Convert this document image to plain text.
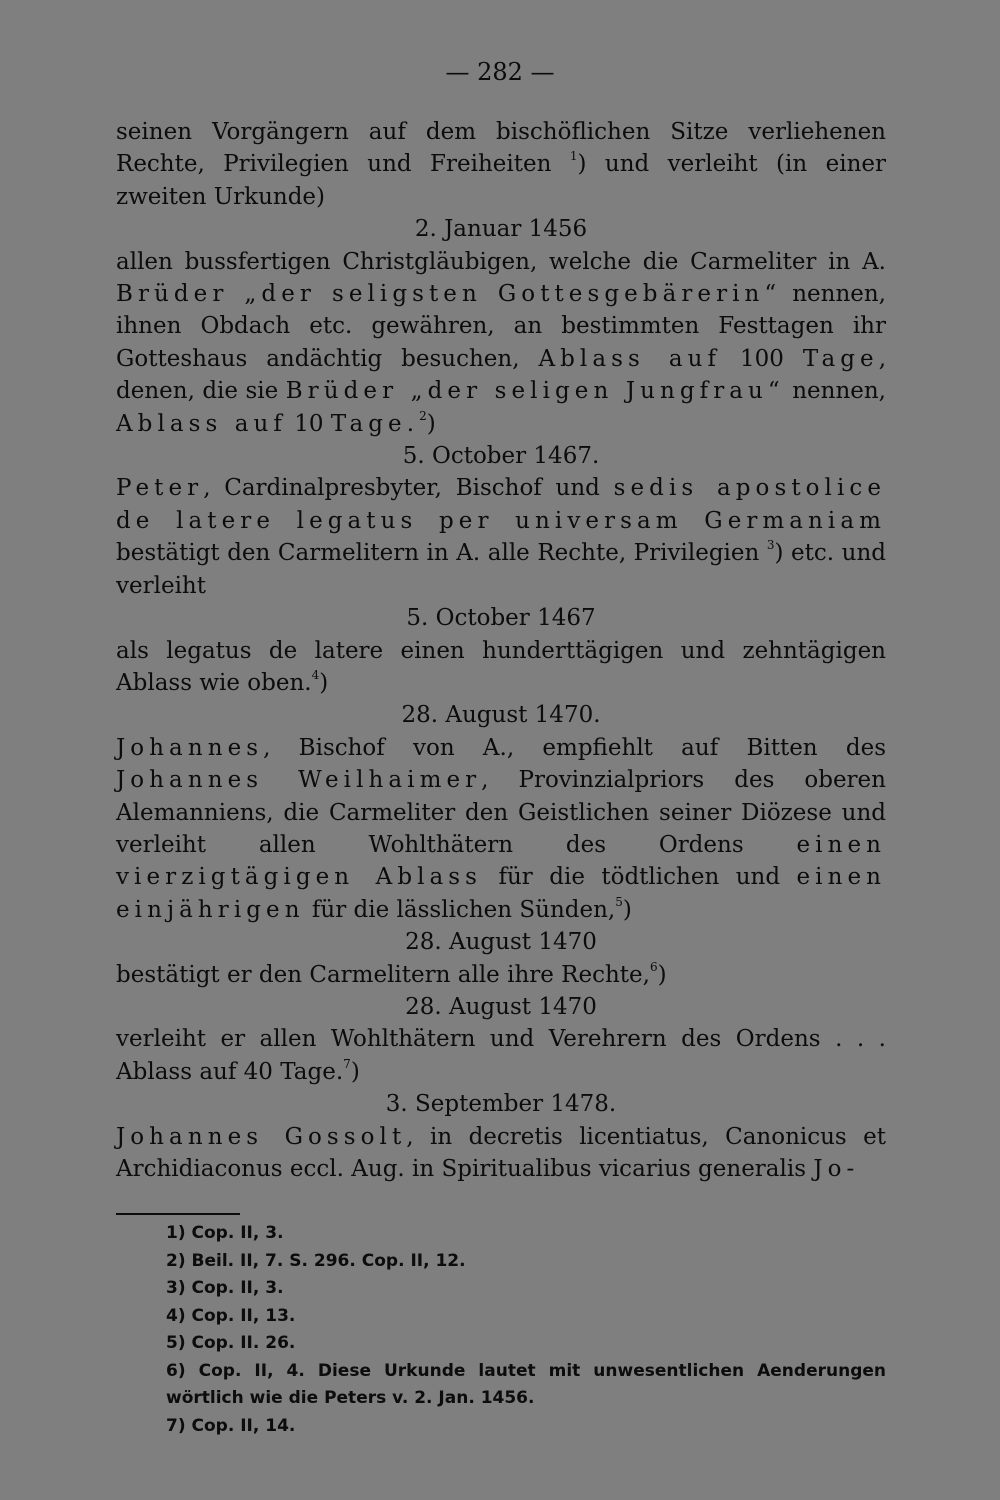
— 282 —

seinen Vorgängern auf dem bischöflichen Sitze verliehenen Rechte, Privilegien und Freiheiten $^1$) und verleiht (in einer zweiten Urkunde)

2. Januar 1456

allen bussfertigen Christgläubigen, welche die Carmeliter in A. Brüder „der seligsten Gottesgebärerin“ nennen, ihnen Obdach etc. gewähren, an bestimmten Festtagen ihr Gotteshaus andächtig besuchen, Ablass auf 100 Tage, denen, die sie Brüder „der seligen Jungfrau“ nennen, Ablass auf 10 Tage.$^2$)

5. October 1467.

Peter, Cardinalpresbyter, Bischof und sedis apostolice de latere legatus per universam Germaniam bestätigt den Carmelitern in A. alle Rechte, Privilegien $^3$) etc. und verleiht

5. October 1467

als legatus de latere einen hunderttägigen und zehntägigen Ablass wie oben.$^4$)

28. August 1470.

Johannes, Bischof von A., empfiehlt auf Bitten des Johannes Weilhaimer, Provinzialpriors des oberen Alemanniens, die Carmeliter den Geistlichen seiner Diözese und verleiht allen Wohlthätern des Ordens einen vierzigtägigen Ablass für die tödtlichen und einen einjährigen für die lässlichen Sünden,$^5$)

28. August 1470

bestätigt er den Carmelitern alle ihre Rechte,$^6$)

28. August 1470

verleiht er allen Wohlthätern und Verehrern des Ordens . . . Ablass auf 40 Tage.$^7$)

3. September 1478.

Johannes Gossolt, in decretis licentiatus, Canonicus et Archidiaconus eccl. Aug. in Spiritualibus vicarius generalis Jo-

1) Cop. II, 3.
2) Beil. II, 7. S. 296. Cop. II, 12.
3) Cop. II, 3.
4) Cop. II, 13.
5) Cop. II. 26.
6) Cop. II, 4. Diese Urkunde lautet mit unwesentlichen Aenderungen wörtlich wie die Peters v. 2. Jan. 1456.
7) Cop. II, 14.
